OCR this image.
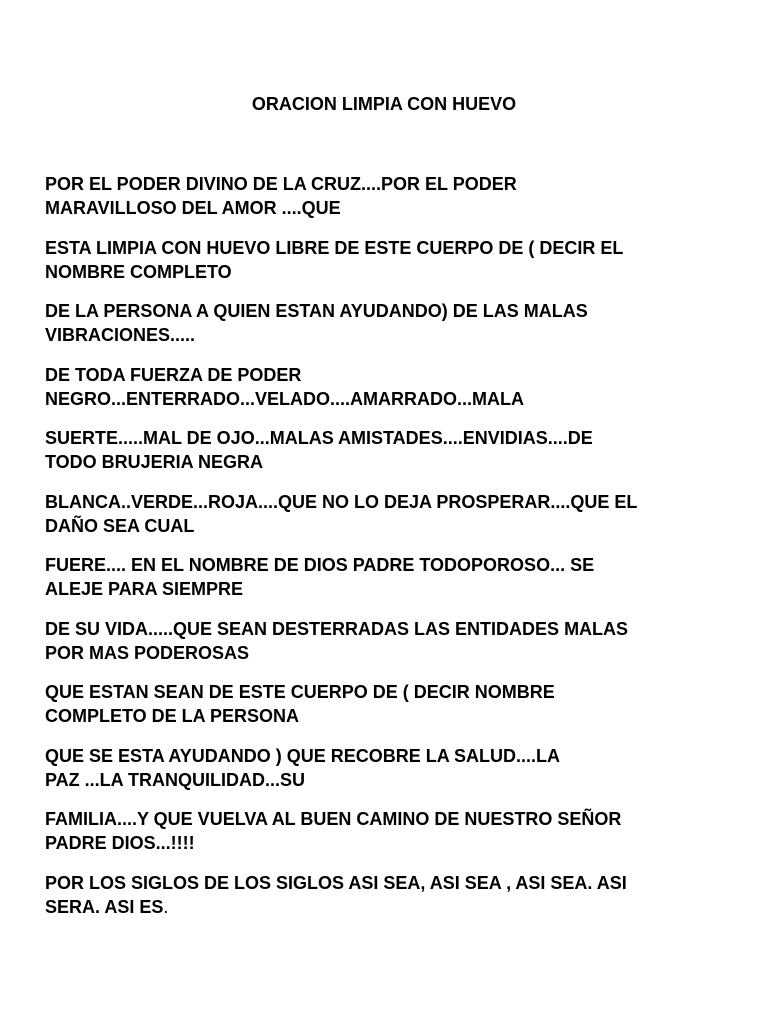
ORACION LIMPIA CON HUEVO

POR EL PODER DIVINO DE LA CRUZ....POR EL PODER
MARAVILLOSO DEL AMOR ....QUE

ESTA LIMPIA CON HUEVO LIBRE DE ESTE CUERPO DE ( DECIR EL
NOMBRE COMPLETO

DE LA PERSONA A QUIEN ESTAN AYUDANDO) DE LAS MALAS
VIBRACIONES.....

DE TODA FUERZA DE PODER
NEGRO...ENTERRADO...VELADO....AMARRADO...MALA

SUERTE.....MAL DE OJO...MALAS AMISTADES....ENVIDIAS....DE
TODO BRUJERIA NEGRA

BLANCA..VERDE...ROJA....QUE NO LO DEJA PROSPERAR....QUE EL
DAÑO SEA CUAL

FUERE.... EN EL NOMBRE DE DIOS PADRE TODOPOROSO... SE
ALEJE PARA SIEMPRE

DE SU VIDA.....QUE SEAN DESTERRADAS LAS ENTIDADES MALAS
POR MAS PODEROSAS

QUE ESTAN SEAN DE ESTE CUERPO DE ( DECIR NOMBRE
COMPLETO DE LA PERSONA

QUE SE ESTA AYUDANDO ) QUE RECOBRE LA SALUD....LA
PAZ ...LA TRANQUILIDAD...SU

FAMILIA....Y QUE VUELVA AL BUEN CAMINO DE NUESTRO SEÑOR
PADRE DIOS...!!!!

POR LOS SIGLOS DE LOS SIGLOS ASI SEA, ASI SEA , ASI SEA. ASI
SERA. ASI ES.
